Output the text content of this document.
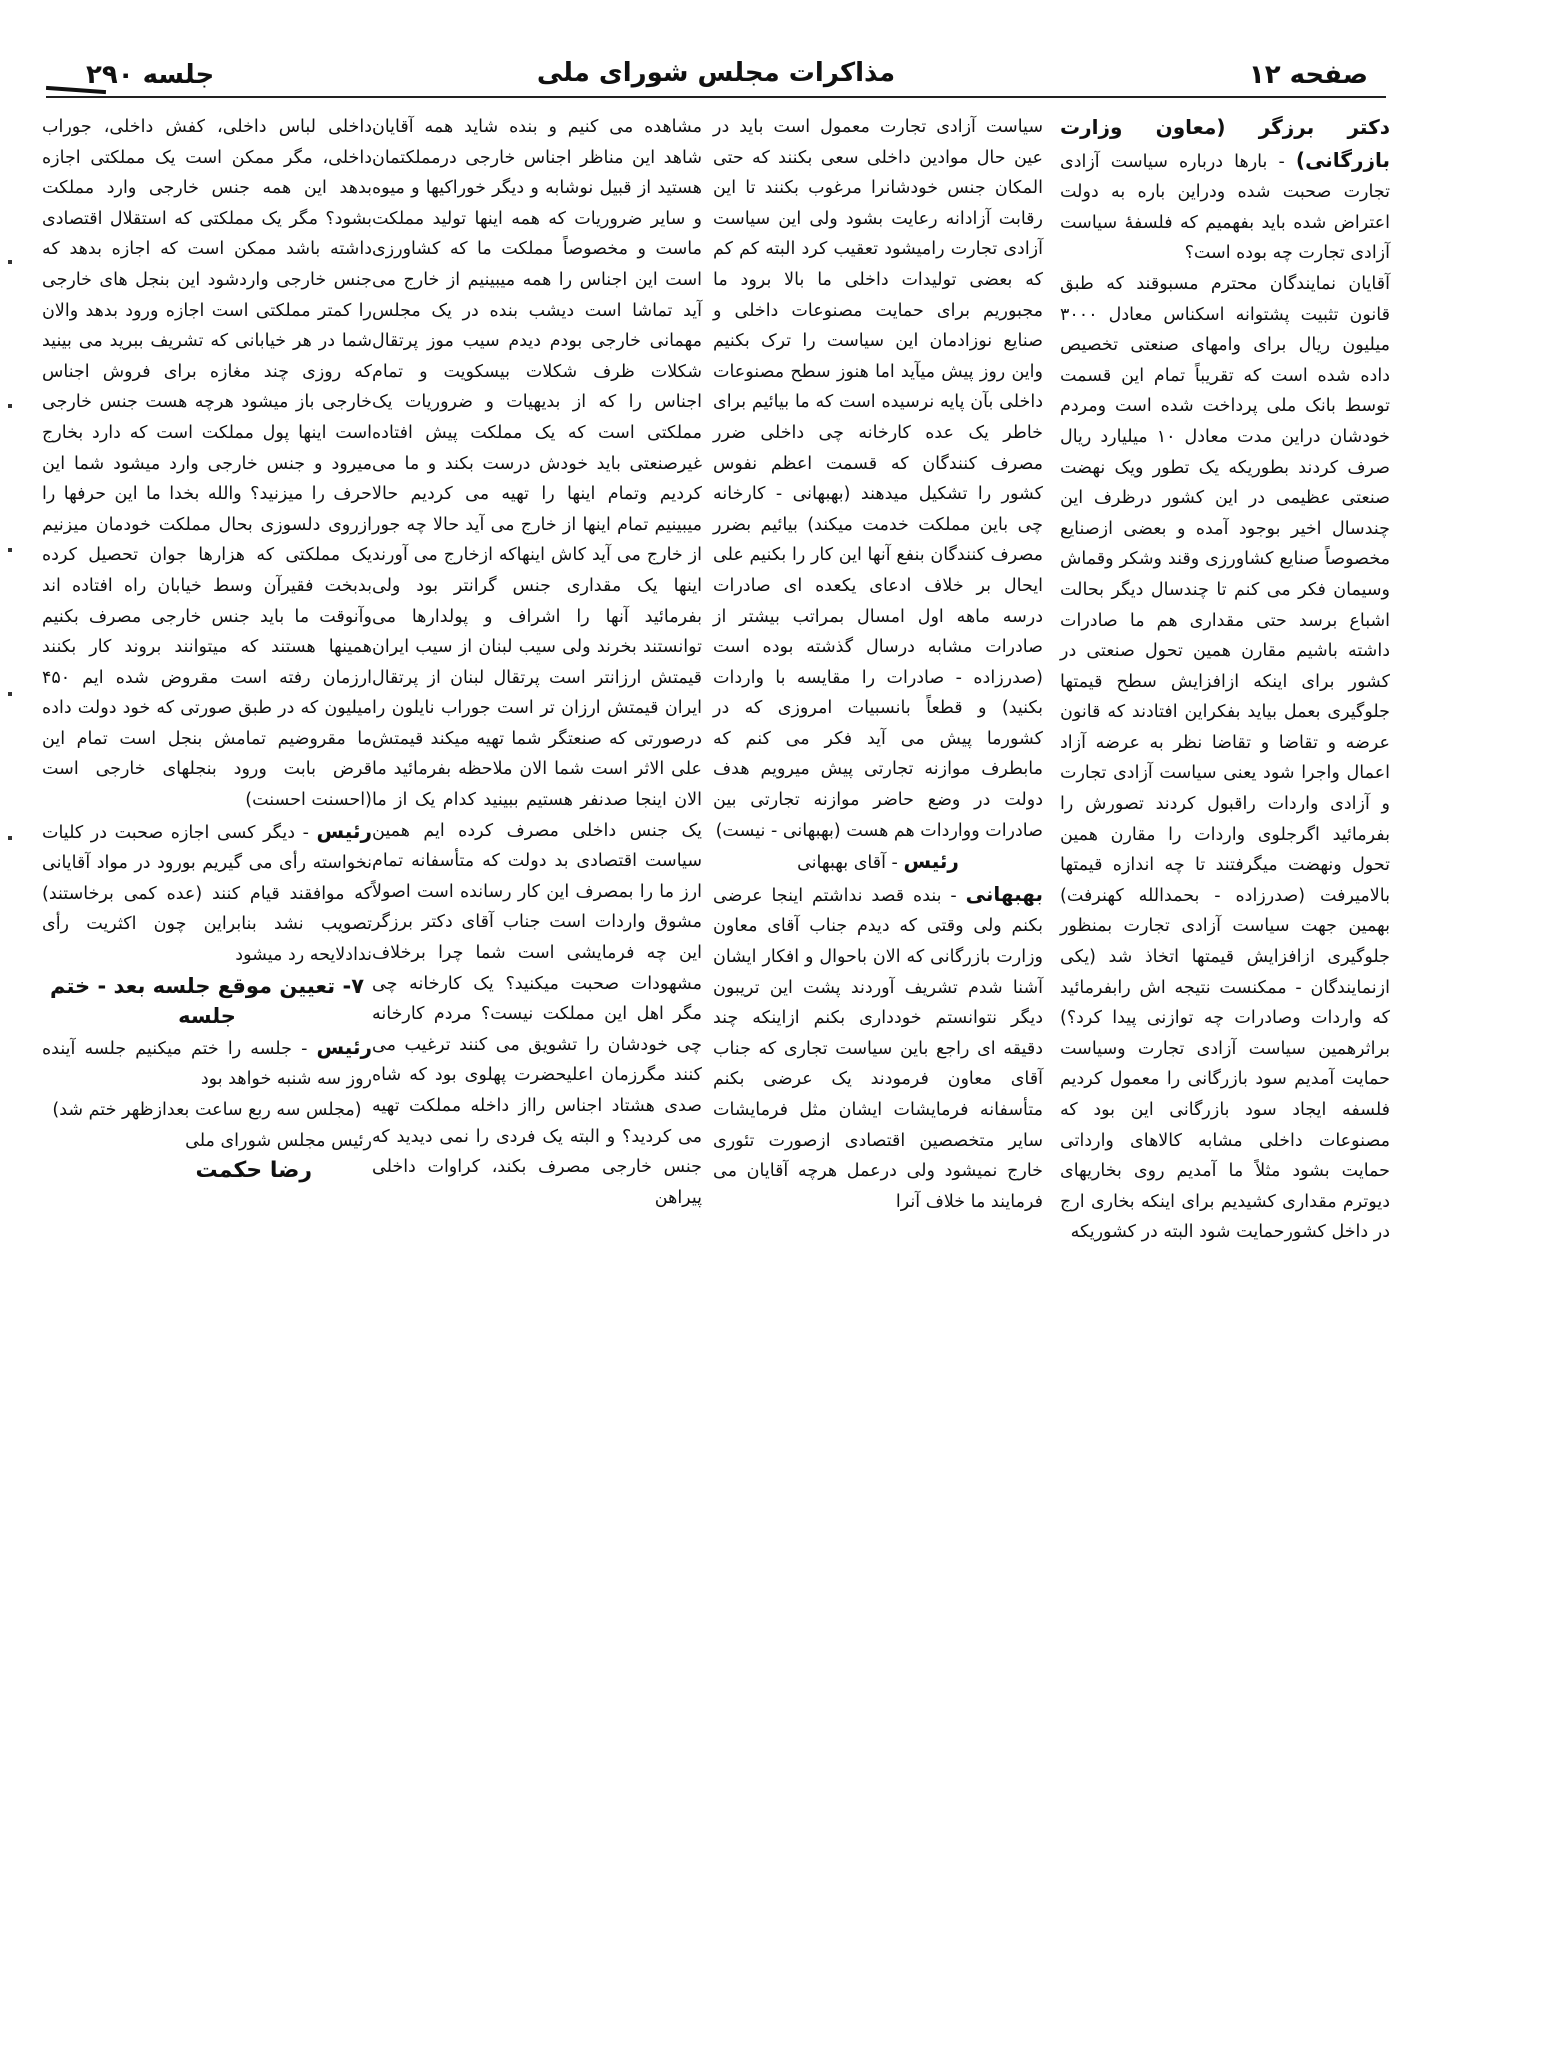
صفحه ۱۲
مذاکرات مجلس شورای ملی
جلسه ۲۹۰

دکتر برزگر (معاون وزارت بازرگانی) - بارها درباره سیاست آزادی تجارت صحبت شده ودراین باره به دولت اعتراض شده باید بفهمیم که فلسفهٔ سیاست آزادی تجارت چه بوده است؟

آقایان نمایندگان محترم مسبوقند که طبق قانون تثبیت پشتوانه اسکناس معادل ۳۰۰۰ میلیون ریال برای وامهای صنعتی تخصیص داده شده است که تقریباً تمام این قسمت توسط بانک ملی پرداخت شده است ومردم خودشان دراین مدت معادل ۱۰ میلیارد ریال صرف کردند بطوریکه یک تطور ویک نهضت صنعتی عظیمی در این کشور درظرف این چندسال اخیر بوجود آمده و بعضی ازصنایع مخصوصاً صنایع کشاورزی وقند وشکر وقماش وسیمان فکر می کنم تا چندسال دیگر بحالت اشباع برسد حتی مقداری هم ما صادرات داشته باشیم مقارن همین تحول صنعتی در کشور برای اینکه ازافزایش سطح قیمتها جلوگیری بعمل بیاید بفکراین افتادند که قانون عرضه و تقاضا و تقاضا نظر به عرضه آزاد اعمال واجرا شود یعنی سیاست آزادی تجارت و آزادی واردات راقبول کردند تصورش را بفرمائید اگرجلوی واردات را مقارن همین تحول ونهضت میگرفتند تا چه اندازه قیمتها بالامیرفت (صدرزاده - بحمدالله کهنرفت) بهمین جهت سیاست آزادی تجارت بمنظور جلوگیری ازافزایش قیمتها اتخاذ شد (یکی ازنمایندگان - ممکنست نتیجه اش رابفرمائید که واردات وصادرات چه توازنی پیدا کرد؟) براثرهمین سیاست آزادی تجارت وسیاست حمایت آمدیم سود بازرگانی را معمول کردیم فلسفه ایجاد سود بازرگانی این بود که مصنوعات داخلی مشابه کالاهای وارداتی حمایت بشود مثلاً ما آمدیم روی بخاریهای دیوترم مقداری کشیدیم برای اینکه بخاری ارج در داخل کشورحمایت شود البته در کشوریکه

سیاست آزادی تجارت معمول است باید در عین حال موادین داخلی سعی بکنند که حتی المکان جنس خودشانرا مرغوب بکنند تا این رقابت آزادانه رعایت بشود ولی این سیاست آزادی تجارت رامیشود تعقیب کرد البته کم کم که بعضی تولیدات داخلی ما بالا برود ما مجبوریم برای حمایت مصنوعات داخلی و صنایع نوزادمان این سیاست را ترک بکنیم واین روز پیش میآید اما هنوز سطح مصنوعات داخلی بآن پایه نرسیده است که ما بیائیم برای خاطر یک عده کارخانه چی داخلی ضرر مصرف کنندگان که قسمت اعظم نفوس کشور را تشکیل میدهند (بهبهانی - کارخانه چی باین مملکت خدمت میکند) بیائیم بضرر مصرف کنندگان بنفع آنها این کار را بکنیم علی ایحال بر خلاف ادعای یکعده ای صادرات درسه ماهه اول امسال بمراتب بیشتر از صادرات مشابه درسال گذشته بوده است (صدرزاده - صادرات را مقایسه با واردات بکنید) و قطعاً بانسبیات امروزی که در کشورما پیش می آید فکر می کنم که مابطرف موازنه تجارتی پیش میرویم هدف دولت در وضع حاضر موازنه تجارتی بین صادرات وواردات هم هست (بهبهانی - نیست)

رئیس - آقای بهبهانی

بهبهانی - بنده قصد نداشتم اینجا عرضی بکنم ولی وقتی که دیدم جناب آقای معاون وزارت بازرگانی که الان باحوال و افکار ایشان آشنا شدم تشریف آوردند پشت این تریبون دیگر نتوانستم خودداری بکنم ازاینکه چند دقیقه ای راجع باین سیاست تجاری که جناب آقای معاون فرمودند یک عرضی بکنم متأسفانه فرمایشات ایشان مثل فرمایشات سایر متخصصین اقتصادی ازصورت تئوری خارج نمیشود ولی درعمل هرچه آقایان می فرمایند ما خلاف آنرا

مشاهده می کنیم و بنده شاید همه آقایان شاهد این مناظر اجناس خارجی درمملکتمان هستید از قبیل نوشابه و دیگر خوراکیها و میوه و سایر ضروریات که همه اینها تولید مملکت ماست و مخصوصاً مملکت ما که کشاورزی است این اجناس را همه میبینیم از خارج می آید تماشا است دیشب بنده در یک مجلس مهمانی خارجی بودم دیدم سیب موز پرتقال شکلات ظرف شکلات بیسکویت و تمام اجناس را که از بدیهیات و ضروریات یک مملکتی است که یک مملکت پیش افتاده غیرصنعتی باید خودش درست بکند و ما می کردیم وتمام اینها را تهیه می کردیم حالا میبینیم تمام اینها از خارج می آید حالا چه جور از خارج می آید کاش اینهاکه ازخارج می آورند اینها یک مقداری جنس گرانتر بود ولی بفرمائید آنها را اشراف و پولدارها می توانستند بخرند ولی سیب لبنان از سیب ایران قیمتش ارزانتر است پرتقال لبنان از پرتقال ایران قیمتش ارزان تر است جوراب نایلون را درصورتی که صنعتگر شما تهیه میکند قیمتش علی الاثر است شما الان ملاحظه بفرمائید ما الان اینجا صدنفر هستیم ببینید کدام یک از ما یک جنس داخلی مصرف کرده ایم همین سیاست اقتصادی بد دولت که متأسفانه تمام ارز ما را بمصرف این کار رسانده است اصولاً مشوق واردات است جناب آقای دکتر برزگر این چه فرمایشی است شما چرا برخلاف مشهودات صحبت میکنید؟ یک کارخانه چی مگر اهل این مملکت نیست؟ مردم کارخانه چی خودشان را تشویق می کنند ترغیب می کنند مگرزمان اعلیحضرت پهلوی بود که شاه صدی هشتاد اجناس رااز داخله مملکت تهیه می کردید؟ و البته یک فردی را نمی دیدید که جنس خارجی مصرف بکند، کراوات داخلی پیراهن

داخلی لباس داخلی، کفش داخلی، جوراب داخلی، مگر ممکن است یک مملکتی اجازه بدهد این همه جنس خارجی وارد مملکت بشود؟ مگر یک مملکتی که استقلال اقتصادی داشته باشد ممکن است که اجازه بدهد که جنس خارجی واردشود این بنجل های خارجی را کمتر مملکتی است اجازه ورود بدهد والان شما در هر خیابانی که تشریف ببرید می بینید که روزی چند مغازه برای فروش اجناس خارجی باز میشود هرچه هست جنس خارجی است اینها پول مملکت است که دارد بخارج میرود و جنس خارجی وارد میشود شما این حرف را میزنید؟ والله بخدا ما این حرفها را ازروی دلسوزی بحال مملکت خودمان میزنیم یک مملکتی که هزارها جوان تحصیل کرده بدبخت فقیرآن وسط خیابان راه افتاده اند وآنوقت ما باید جنس خارجی مصرف بکنیم همینها هستند که میتوانند بروند کار بکنند ارزمان رفته است مقروض شده ایم ۴۵۰ میلیون که در طبق صورتی که خود دولت داده ما مقروضیم تمامش بنجل است تمام این قرض بابت ورود بنجلهای خارجی است (احسنت احسنت)

رئیس - دیگر کسی اجازه صحبت در کلیات نخواسته رأی می گیریم بورود در مواد آقایانی که موافقند قیام کنند (عده کمی برخاستند) تصویب نشد بنابراین چون اکثریت رأی ندادلایحه رد میشود

۷- تعیین موقع جلسه بعد - ختم جلسه

رئیس - جلسه را ختم میکنیم جلسه آینده روز سه شنبه خواهد بود

(مجلس سه ربع ساعت بعدازظهر ختم شد)

رئیس مجلس شورای ملی

رضا حکمت
